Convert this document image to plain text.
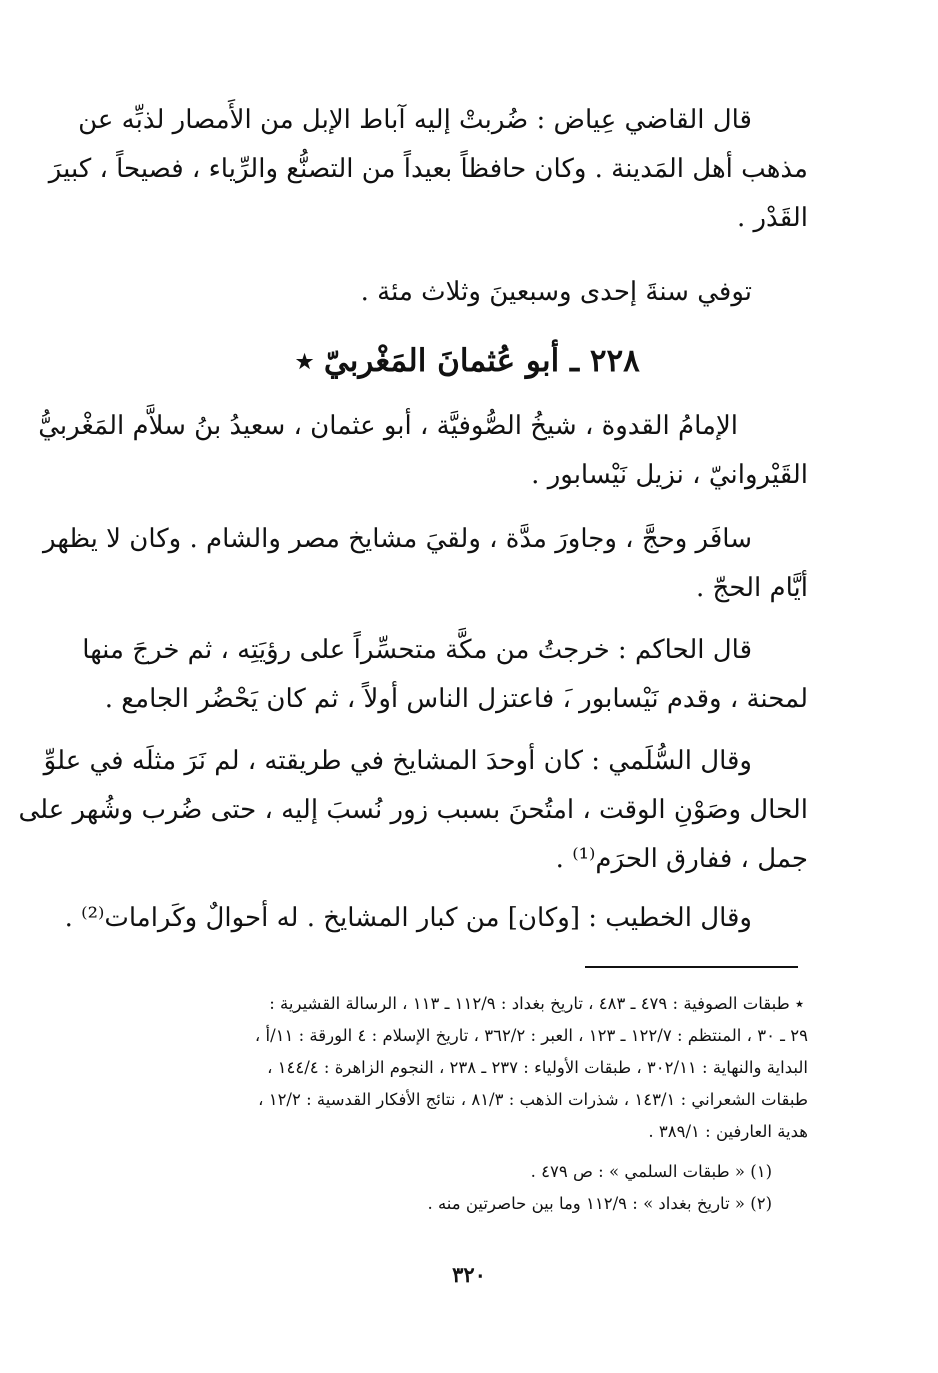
قال القاضي عِياض : ضُربتْ إليه آباط الإبل من الأَمصار لذبِّه عن
مذهب أهل المَدينة . وكان حافظاً بعيداً من التصنُّع والرِّياء ، فصيحاً ، كبيرَ
القَدْر .
توفي سنةَ إحدى وسبعينَ وثلاث مئة .
٢٢٨ ـ أبو عُثمانَ المَغْربيّ ٭
الإمامُ القدوة ، شيخُ الصُّوفيَّة ، أبو عثمان ، سعيدُ بنُ سلاَّم المَغْربيُّ
القَيْروانيّ ، نزيل نَيْسابور .
سافَر وحجَّ ، وجاورَ مدَّة ، ولقيَ مشايخ مصر والشام . وكان لا يظهر
أيَّام الحجّ .
قال الحاكم : خرجتُ من مكَّة متحسِّراً على رؤيَتِه ، ثم خرجَ منها
لمحنة ، وقدم نَيْسابور ،َ فاعتزل الناس أولاً ، ثم كان يَحْضُر الجامع .
وقال السُّلَمي : كان أوحدَ المشايخ في طريقته ، لم نَرَ مثلَه في علوِّ
الحال وصَوْنِ الوقت ، امتُحنَ بسبب زور نُسبَ إليه ، حتى ضُرب وشُهر على
جمل ، ففارق الحرَم⁽¹⁾ .
وقال الخطيب : [وكان] من كبار المشايخ . له أحوالٌ وكَرامات⁽²⁾ .
٭ طبقات الصوفية : ٤٧٩ ـ ٤٨٣ ، تاريخ بغداد : ١١٢/٩ ـ ١١٣ ، الرسالة القشيرية :
٢٩ ـ ٣٠ ، المنتظم : ١٢٢/٧ ـ ١٢٣ ، العبر : ٣٦٢/٢ ، تاريخ الإسلام : ٤ الورقة : ١١/أ ،
البداية والنهاية : ٣٠٢/١١ ، طبقات الأولياء : ٢٣٧ ـ ٢٣٨ ، النجوم الزاهرة : ١٤٤/٤ ،
طبقات الشعراني : ١٤٣/١ ، شذرات الذهب : ٨١/٣ ، نتائج الأفكار القدسية : ١٢/٢ ،
هدية العارفين : ٣٨٩/١ .
(١) « طبقات السلمي » : ص ٤٧٩ .
(٢) « تاريخ بغداد » : ١١٢/٩ وما بين حاصرتين منه .
٣٢٠
